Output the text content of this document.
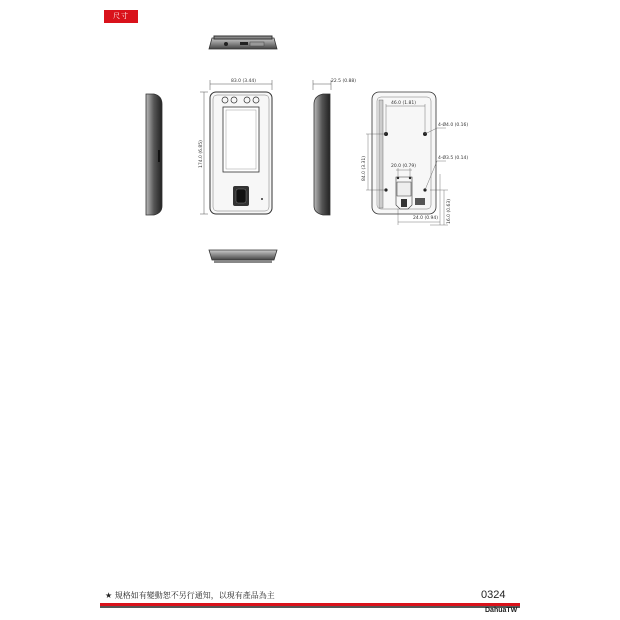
尺寸
83.0 (3.44)
174.0 (6.85)
22.5 (0.88)
46.0 (1.81)
4-Ø4.0 (0.16)
4-Ø3.5 (0.14)
20.0 (0.79)
84.0 (3.31)
24.0 (0.94) 16.0 (0.63)
★ 規格如有變動恕不另行通知，以現有產品為主	0324
DahuaTW
